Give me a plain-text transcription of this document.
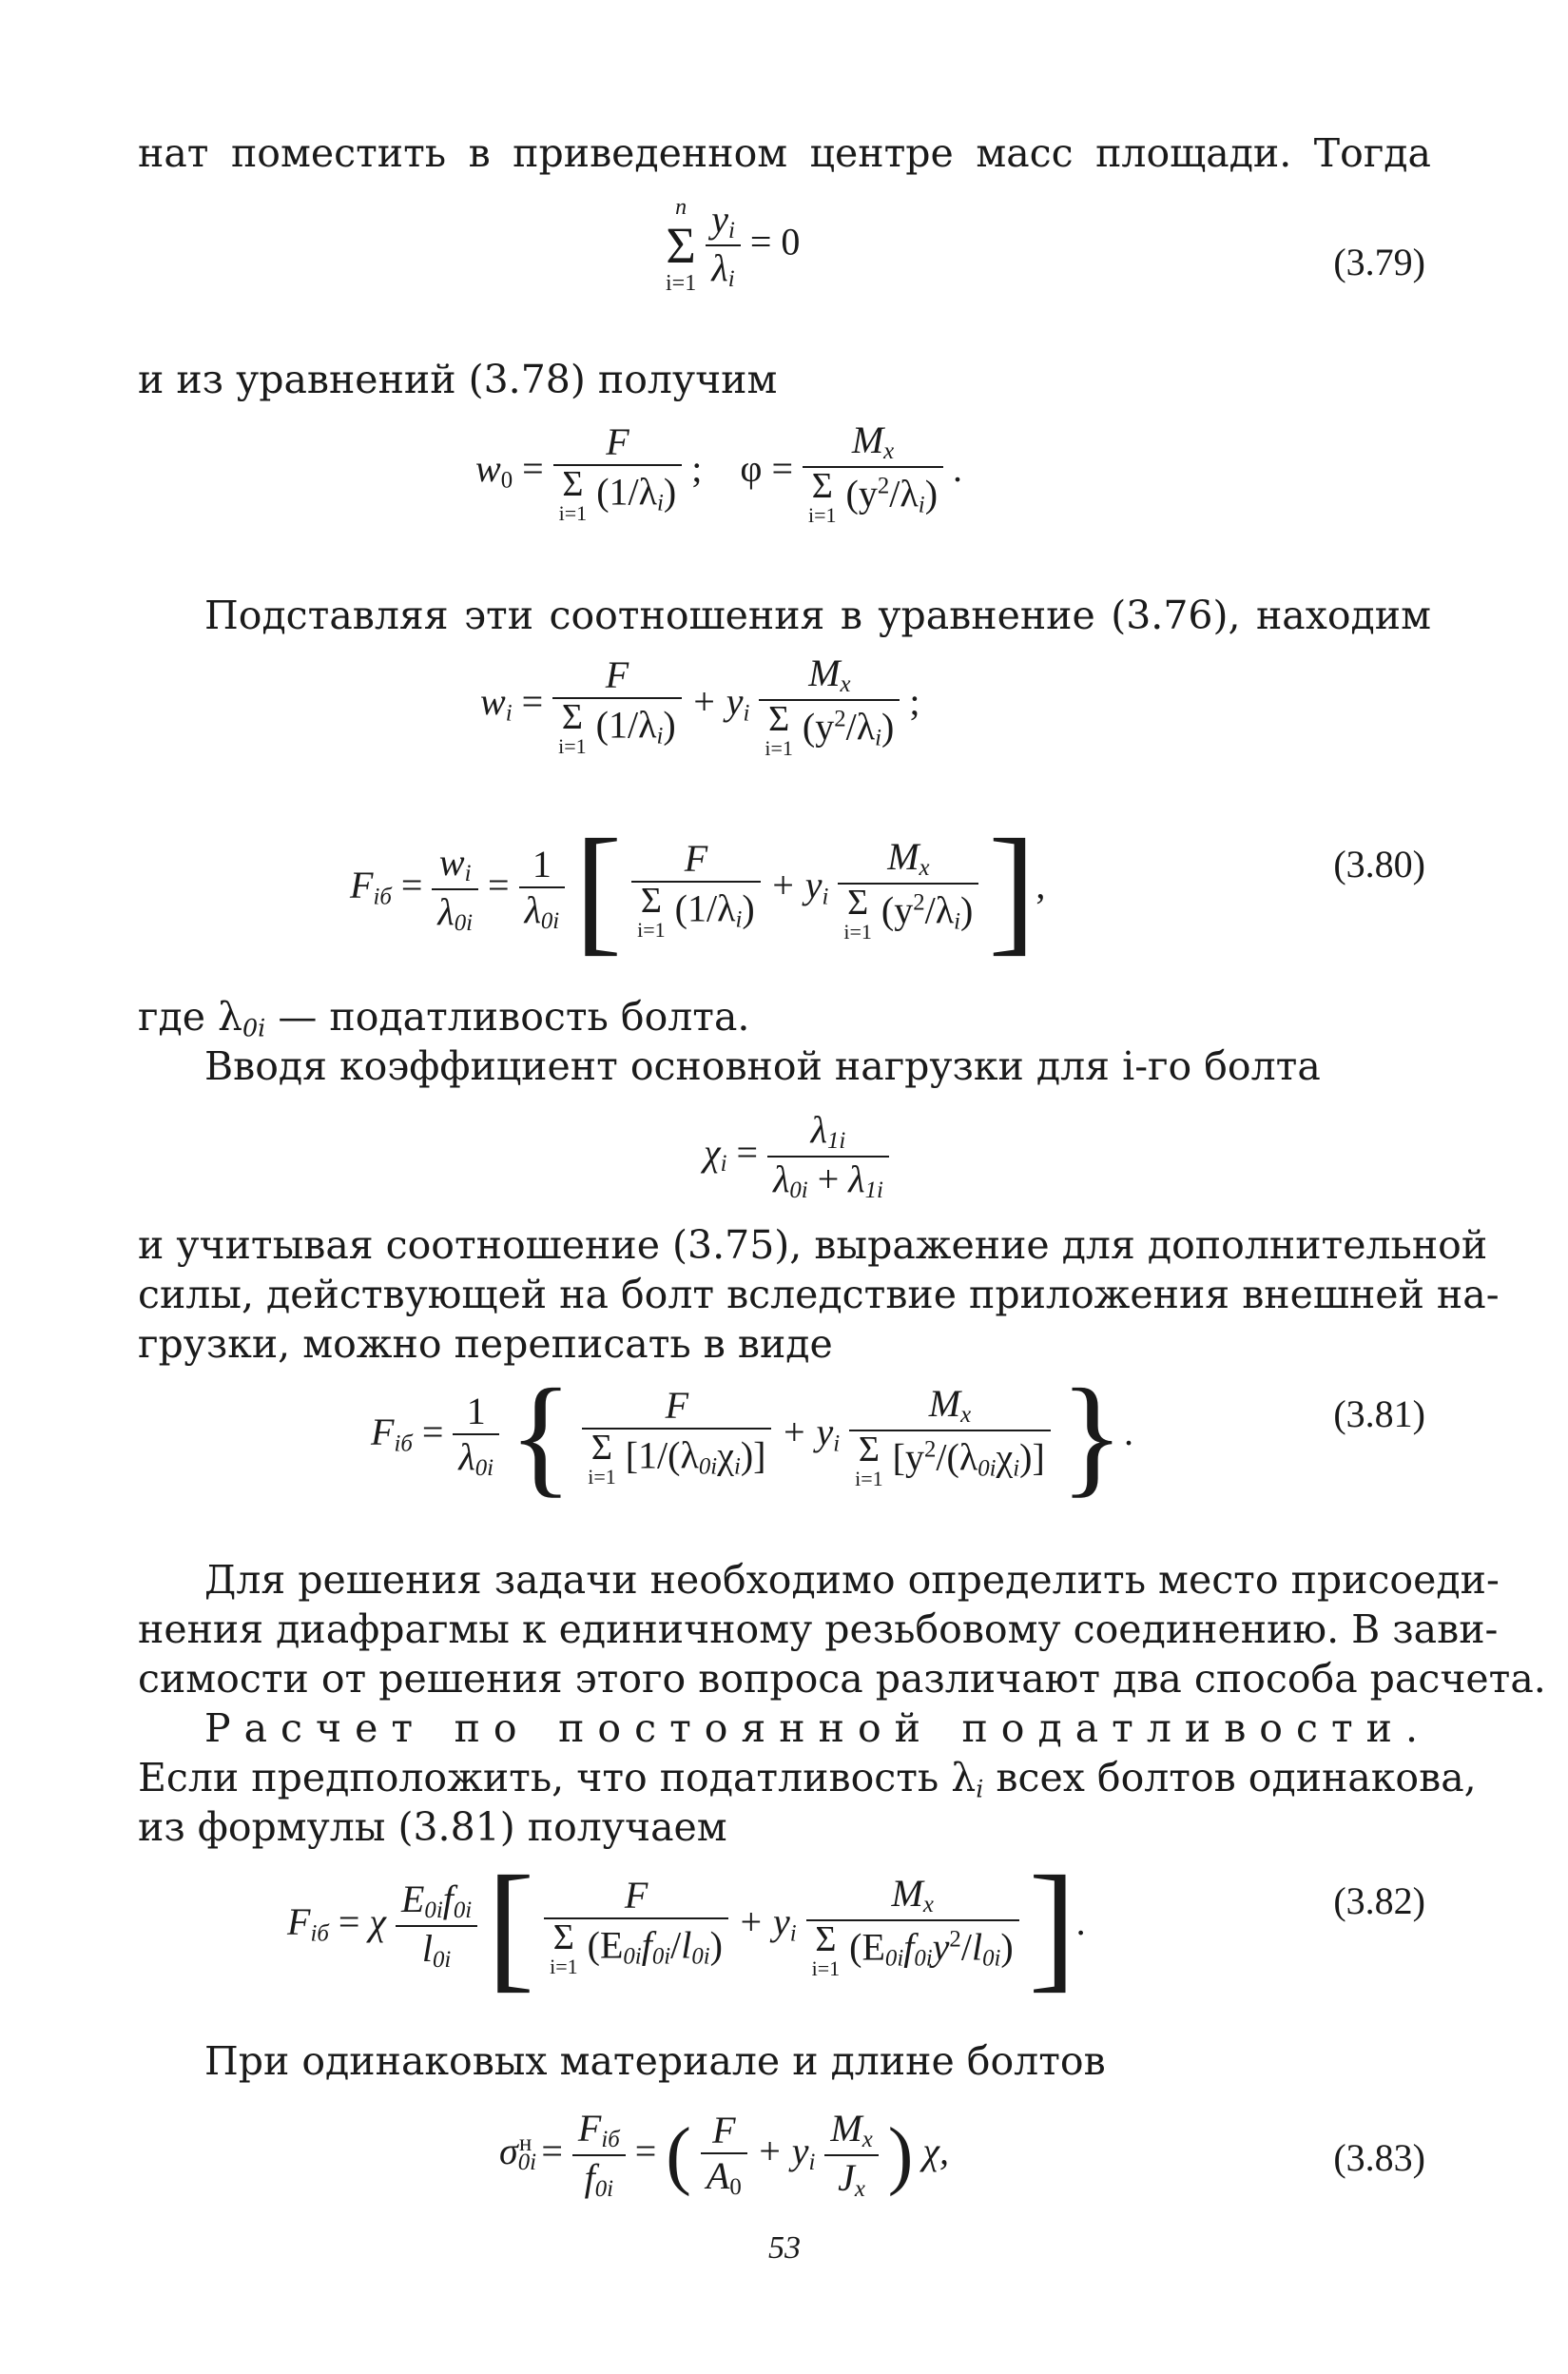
нат поместить в приведенном центре масс площади. Тогда
n
Σ
i=1
$\frac{y_i}{\lambda_i} = 0$	(3.79)
и из уравнений (3.78) получим
$w_0 = F$
Σ
i=1
$(1/\lambda_i)$ ; $\varphi = M_x$
Σ
i=1
$(y^2/\lambda_i)$ .
Подставляя эти соотношения в уравнение (3.76), находим
$w_i = F$
Σ
i=1
$(1/\lambda_i) + y_i$ $M_x$
Σ
i=1
$(y^2/\lambda_i)$ ;
$F_{iб} = \frac{w_i}{\lambda_{0i}} = \frac{1}{\lambda_{0i}}$ [ F
Σ
i=1
$(1/\lambda_i) + y_i$ $M_x$
Σ
i=1
$(y^2/\lambda_i)$ ],	(3.80)
где $\lambda_{0i}$ — податливость болта.
Вводя коэффициент основной нагрузки для i-го болта
$\chi_i = \frac{\lambda_{1i}}{\lambda_{0i} + \lambda_{1i}}$
и учитывая соотношение (3.75), выражение для дополнительной
силы, действующей на болт вследствие приложения внешней на-
грузки, можно переписать в виде
$F_{iб} = \frac{1}{\lambda_{0i}}$ { F
Σ
i=1
$[1/(\lambda_{0i}\chi_i)] + y_i$ $M_x$
Σ
i=1
$[y^2/(\lambda_{0i}\chi_i)]$ }.	(3.81)
Для решения задачи необходимо определить место присоеди-
нения диафрагмы к единичному резьбовому соединению. В зави-
симости от решения этого вопроса различают два способа расчета.
Расчет по постоянной податливости.
Если предположить, что податливость $\lambda_i$ всех болтов одинакова,
из формулы (3.81) получаем
$F_{iб} = \chi \frac{E_{0i}f_{0i}}{l_{0i}}$ [ F
Σ
i=1
$(E_{0i}f_{0i}/l_{0i}) + y_i$ $M_x$
Σ
i=1
$(E_{0i}f_{0i}y^2/l_{0i})$ ].	(3.82)
При одинаковых материале и длине болтов
$\sigma_{0i}^н = \frac{F_{iб}}{f_{0i}}$ = ( $\frac{F}{A_0} + y_i \frac{M_x}{J_x}$ ) χ,	(3.83)
53
